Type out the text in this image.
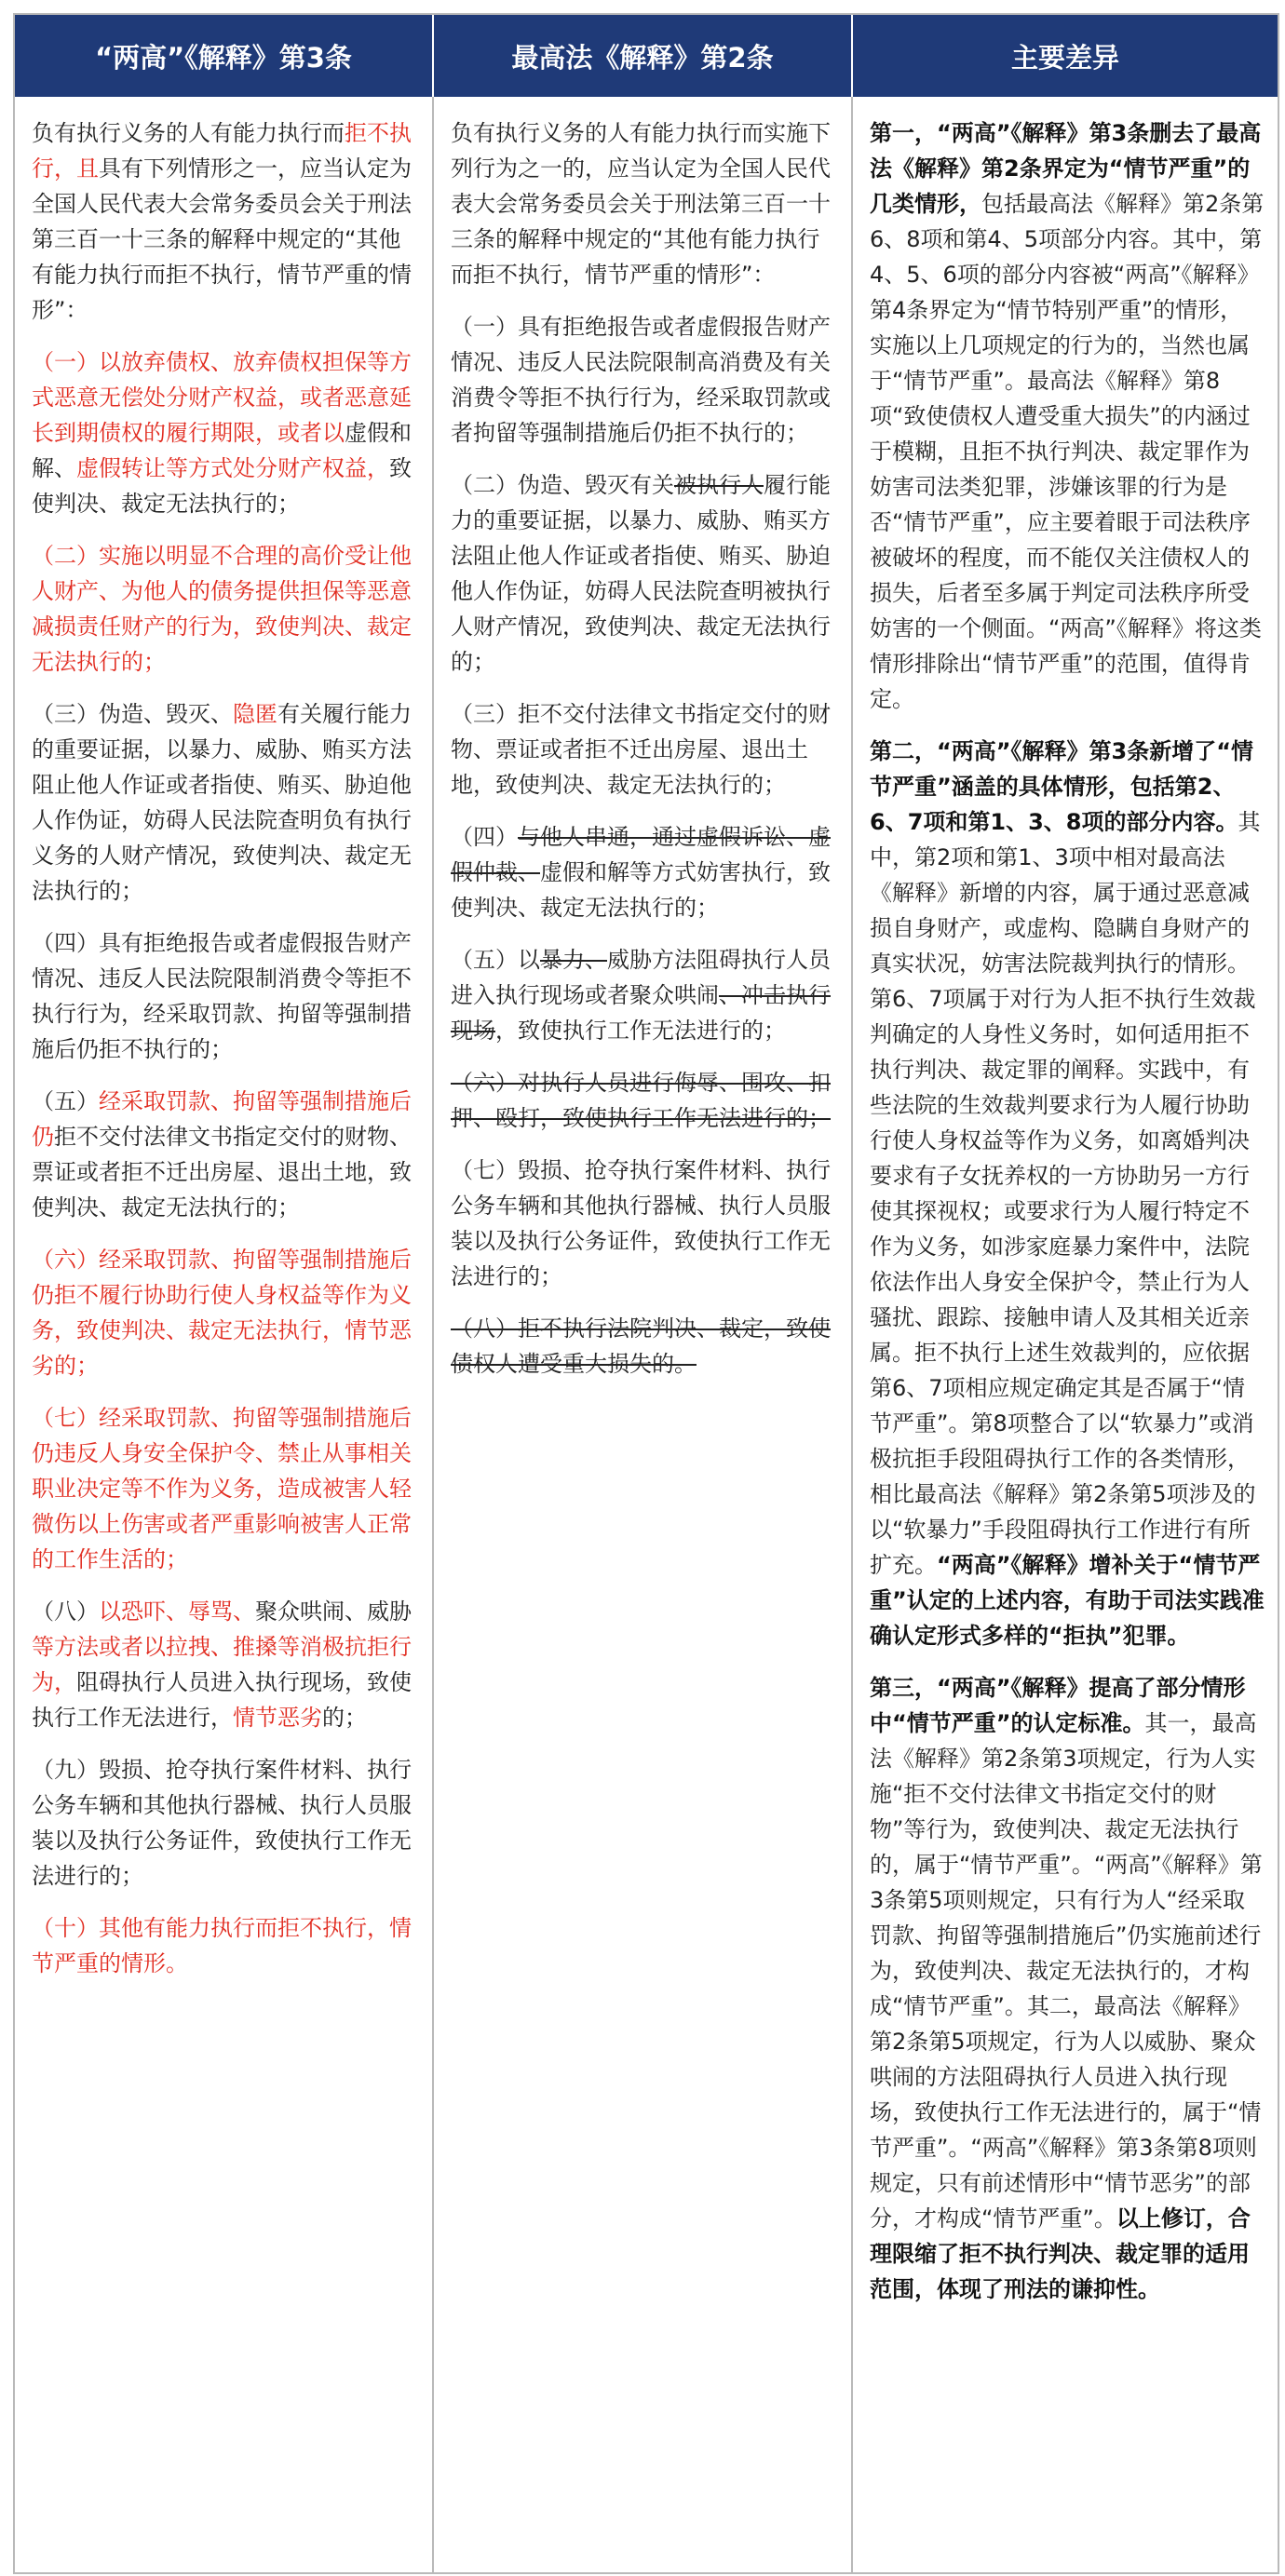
“两高”《解释》第3条	最高法《解释》第2条	主要差异

负有执行义务的人有能力执行而拒不执行，且具有下列情形之一，应当认定为全国人民代表大会常务委员会关于刑法第三百一十三条的解释中规定的“其他有能力执行而拒不执行，情节严重的情形”：

（一）以放弃债权、放弃债权担保等方式恶意无偿处分财产权益，或者恶意延长到期债权的履行期限，或者以虚假和解、虚假转让等方式处分财产权益，致使判决、裁定无法执行的；

（二）实施以明显不合理的高价受让他人财产、为他人的债务提供担保等恶意减损责任财产的行为，致使判决、裁定无法执行的；

（三）伪造、毁灭、隐匿有关履行能力的重要证据，以暴力、威胁、贿买方法阻止他人作证或者指使、贿买、胁迫他人作伪证，妨碍人民法院查明负有执行义务的人财产情况，致使判决、裁定无法执行的；

（四）具有拒绝报告或者虚假报告财产情况、违反人民法院限制消费令等拒不执行行为，经采取罚款、拘留等强制措施后仍拒不执行的；

（五）经采取罚款、拘留等强制措施后仍拒不交付法律文书指定交付的财物、票证或者拒不迁出房屋、退出土地，致使判决、裁定无法执行的；

（六）经采取罚款、拘留等强制措施后仍拒不履行协助行使人身权益等作为义务，致使判决、裁定无法执行，情节恶劣的；

（七）经采取罚款、拘留等强制措施后仍违反人身安全保护令、禁止从事相关职业决定等不作为义务，造成被害人轻微伤以上伤害或者严重影响被害人正常的工作生活的；

（八）以恐吓、辱骂、聚众哄闹、威胁等方法或者以拉拽、推搡等消极抗拒行为，阻碍执行人员进入执行现场，致使执行工作无法进行，情节恶劣的；

（九）毁损、抢夺执行案件材料、执行公务车辆和其他执行器械、执行人员服装以及执行公务证件，致使执行工作无法进行的；

（十）其他有能力执行而拒不执行，情节严重的情形。

负有执行义务的人有能力执行而实施下列行为之一的，应当认定为全国人民代表大会常务委员会关于刑法第三百一十三条的解释中规定的“其他有能力执行而拒不执行，情节严重的情形”：

（一）具有拒绝报告或者虚假报告财产情况、违反人民法院限制高消费及有关消费令等拒不执行行为，经采取罚款或者拘留等强制措施后仍拒不执行的；

（二）伪造、毁灭有关被执行人履行能力的重要证据，以暴力、威胁、贿买方法阻止他人作证或者指使、贿买、胁迫他人作伪证，妨碍人民法院查明被执行人财产情况，致使判决、裁定无法执行的；

（三）拒不交付法律文书指定交付的财物、票证或者拒不迁出房屋、退出土地，致使判决、裁定无法执行的；

（四）与他人串通，通过虚假诉讼、虚假仲裁、虚假和解等方式妨害执行，致使判决、裁定无法执行的；

（五）以暴力、威胁方法阻碍执行人员进入执行现场或者聚众哄闹、冲击执行现场，致使执行工作无法进行的；

（六）对执行人员进行侮辱、围攻、扣押、殴打，致使执行工作无法进行的；

（七）毁损、抢夺执行案件材料、执行公务车辆和其他执行器械、执行人员服装以及执行公务证件，致使执行工作无法进行的；

（八）拒不执行法院判决、裁定，致使债权人遭受重大损失的。

第一，“两高”《解释》第3条删去了最高法《解释》第2条界定为“情节严重”的几类情形，包括最高法《解释》第2条第6、8项和第4、5项部分内容。其中，第4、5、6项的部分内容被“两高”《解释》第4条界定为“情节特别严重”的情形，实施以上几项规定的行为的，当然也属于“情节严重”。最高法《解释》第8项“致使债权人遭受重大损失”的内涵过于模糊，且拒不执行判决、裁定罪作为妨害司法类犯罪，涉嫌该罪的行为是否“情节严重”，应主要着眼于司法秩序被破坏的程度，而不能仅关注债权人的损失，后者至多属于判定司法秩序所受妨害的一个侧面。“两高”《解释》将这类情形排除出“情节严重”的范围，值得肯定。

第二，“两高”《解释》第3条新增了“情节严重”涵盖的具体情形，包括第2、6、7项和第1、3、8项的部分内容。其中，第2项和第1、3项中相对最高法《解释》新增的内容，属于通过恶意减损自身财产，或虚构、隐瞒自身财产的真实状况，妨害法院裁判执行的情形。第6、7项属于对行为人拒不执行生效裁判确定的人身性义务时，如何适用拒不执行判决、裁定罪的阐释。实践中，有些法院的生效裁判要求行为人履行协助行使人身权益等作为义务，如离婚判决要求有子女抚养权的一方协助另一方行使其探视权；或要求行为人履行特定不作为义务，如涉家庭暴力案件中，法院依法作出人身安全保护令，禁止行为人骚扰、跟踪、接触申请人及其相关近亲属。拒不执行上述生效裁判的，应依据第6、7项相应规定确定其是否属于“情节严重”。第8项整合了以“软暴力”或消极抗拒手段阻碍执行工作的各类情形，相比最高法《解释》第2条第5项涉及的以“软暴力”手段阻碍执行工作进行有所扩充。“两高”《解释》增补关于“情节严重”认定的上述内容，有助于司法实践准确认定形式多样的“拒执”犯罪。

第三，“两高”《解释》提高了部分情形中“情节严重”的认定标准。其一，最高法《解释》第2条第3项规定，行为人实施“拒不交付法律文书指定交付的财物”等行为，致使判决、裁定无法执行的，属于“情节严重”。“两高”《解释》第3条第5项则规定，只有行为人“经采取罚款、拘留等强制措施后”仍实施前述行为，致使判决、裁定无法执行的，才构成“情节严重”。其二，最高法《解释》第2条第5项规定，行为人以威胁、聚众哄闹的方法阻碍执行人员进入执行现场，致使执行工作无法进行的，属于“情节严重”。“两高”《解释》第3条第8项则规定，只有前述情形中“情节恶劣”的部分，才构成“情节严重”。以上修订，合理限缩了拒不执行判决、裁定罪的适用范围，体现了刑法的谦抑性。
